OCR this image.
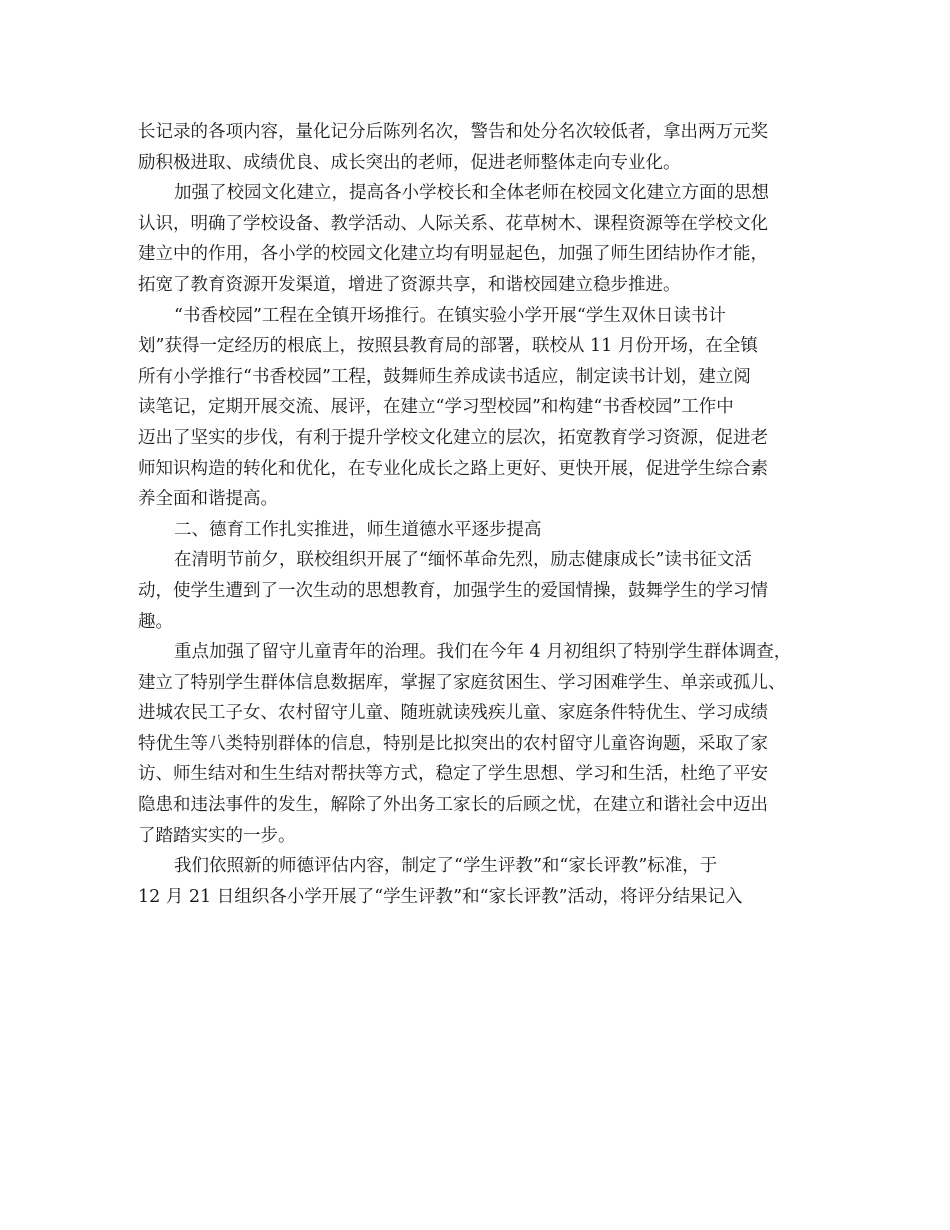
长记录的各项内容，量化记分后陈列名次，警告和处分名次较低者，拿出两万元奖
励积极进取、成绩优良、成长突出的老师，促进老师整体走向专业化。
加强了校园文化建立，提高各小学校长和全体老师在校园文化建立方面的思想
认识，明确了学校设备、教学活动、人际关系、花草树木、课程资源等在学校文化
建立中的作用，各小学的校园文化建立均有明显起色，加强了师生团结协作才能，
拓宽了教育资源开发渠道，增进了资源共享，和谐校园建立稳步推进。
“书香校园”工程在全镇开场推行。在镇实验小学开展“学生双休日读书计
划”获得一定经历的根底上，按照县教育局的部署，联校从 11 月份开场，在全镇
所有小学推行“书香校园”工程，鼓舞师生养成读书适应，制定读书计划，建立阅
读笔记，定期开展交流、展评，在建立“学习型校园”和构建“书香校园”工作中
迈出了坚实的步伐，有利于提升学校文化建立的层次，拓宽教育学习资源，促进老
师知识构造的转化和优化，在专业化成长之路上更好、更快开展，促进学生综合素
养全面和谐提高。
二、德育工作扎实推进，师生道德水平逐步提高
在清明节前夕，联校组织开展了“缅怀革命先烈，励志健康成长”读书征文活
动，使学生遭到了一次生动的思想教育，加强学生的爱国情操，鼓舞学生的学习情
趣。
重点加强了留守儿童青年的治理。我们在今年 4 月初组织了特别学生群体调查，
建立了特别学生群体信息数据库，掌握了家庭贫困生、学习困难学生、单亲或孤儿、
进城农民工子女、农村留守儿童、随班就读残疾儿童、家庭条件特优生、学习成绩
特优生等八类特别群体的信息，特别是比拟突出的农村留守儿童咨询题，采取了家
访、师生结对和生生结对帮扶等方式，稳定了学生思想、学习和生活，杜绝了平安
隐患和违法事件的发生，解除了外出务工家长的后顾之忧，在建立和谐社会中迈出
了踏踏实实的一步。
我们依照新的师德评估内容，制定了“学生评教”和“家长评教”标准，于
12 月 21 日组织各小学开展了“学生评教”和“家长评教”活动，将评分结果记入
